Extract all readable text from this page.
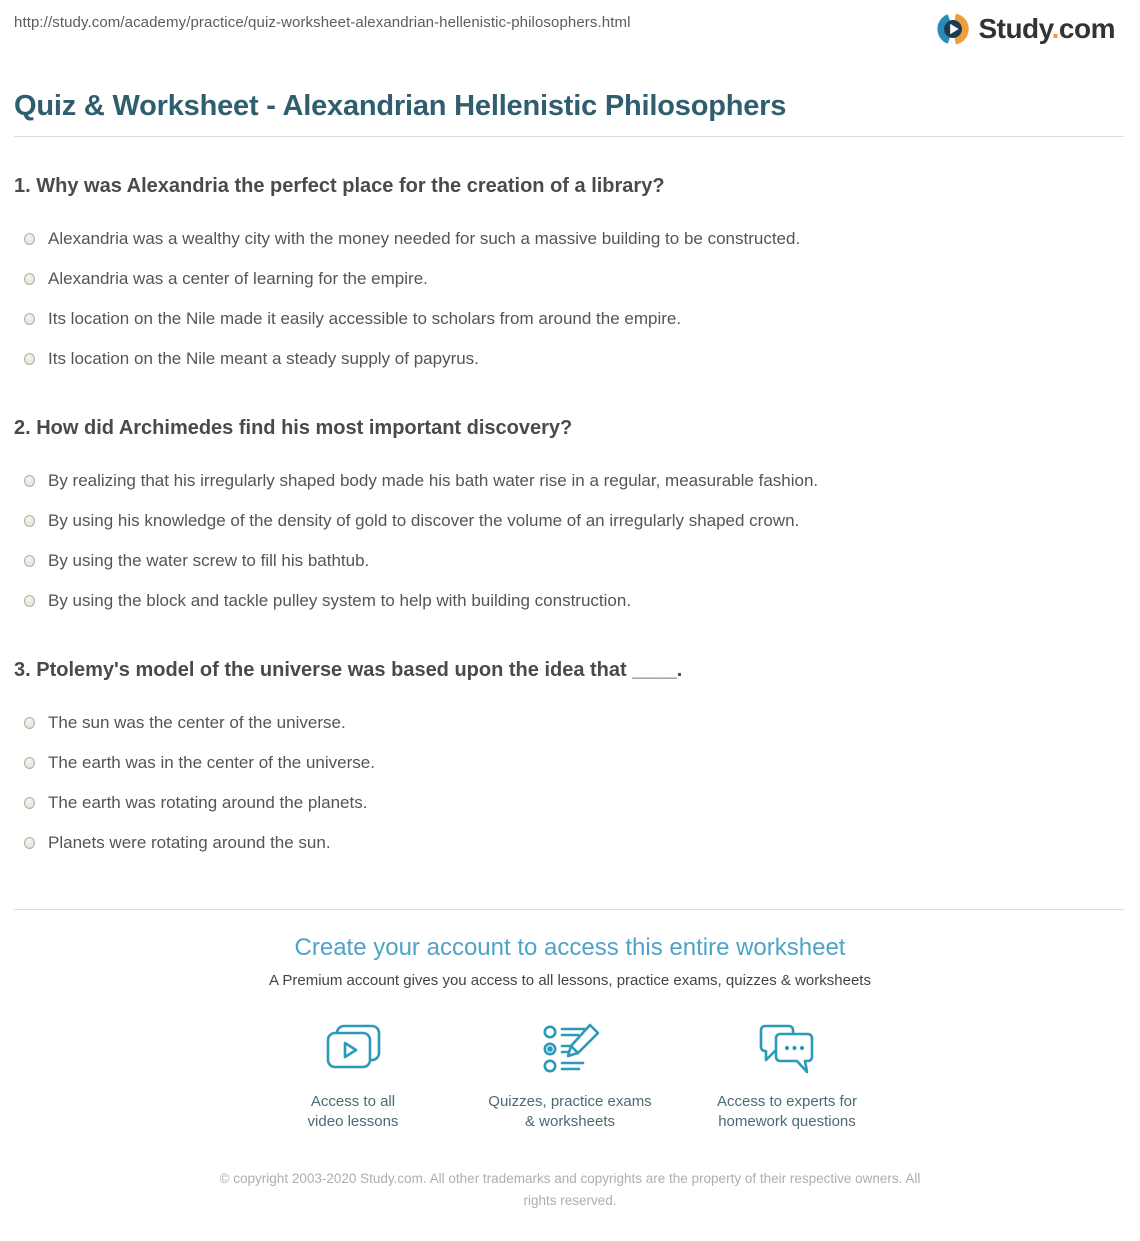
http://study.com/academy/practice/quiz-worksheet-alexandrian-hellenistic-philosophers.html	Study.com
Quiz & Worksheet - Alexandrian Hellenistic Philosophers
1. Why was Alexandria the perfect place for the creation of a library?
Alexandria was a wealthy city with the money needed for such a massive building to be constructed.
Alexandria was a center of learning for the empire.
Its location on the Nile made it easily accessible to scholars from around the empire.
Its location on the Nile meant a steady supply of papyrus.
2. How did Archimedes find his most important discovery?
By realizing that his irregularly shaped body made his bath water rise in a regular, measurable fashion.
By using his knowledge of the density of gold to discover the volume of an irregularly shaped crown.
By using the water screw to fill his bathtub.
By using the block and tackle pulley system to help with building construction.
3. Ptolemy's model of the universe was based upon the idea that ____.
The sun was the center of the universe.
The earth was in the center of the universe.
The earth was rotating around the planets.
Planets were rotating around the sun.
Create your account to access this entire worksheet
A Premium account gives you access to all lessons, practice exams, quizzes & worksheets
Access to all
video lessons
Quizzes, practice exams
& worksheets
Access to experts for
homework questions
© copyright 2003-2020 Study.com. All other trademarks and copyrights are the property of their respective owners. All rights reserved.
